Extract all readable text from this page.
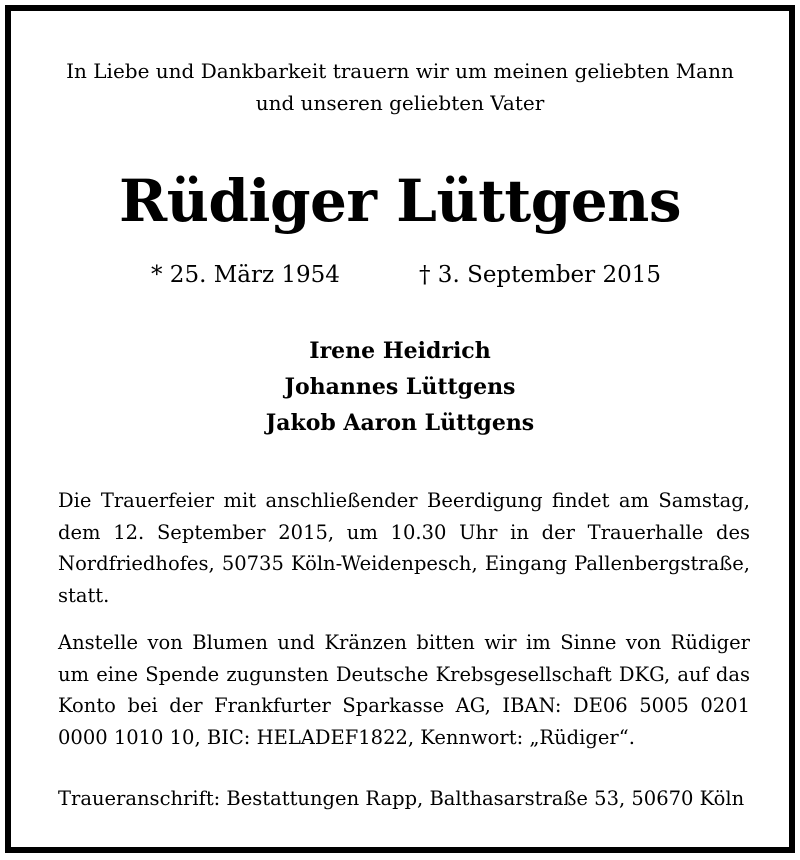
In Liebe und Dankbarkeit trauern wir um meinen geliebten Mann
und unseren geliebten Vater
Rüdiger Lüttgens
* 25. März 1954	† 3. September 2015
Irene Heidrich
Johannes Lüttgens
Jakob Aaron Lüttgens
Die Trauerfeier mit anschließender Beerdigung findet am Samstag, dem 12. September 2015, um 10.30 Uhr in der Trauerhalle des Nordfriedhofes, 50735 Köln-Weidenpesch, Eingang Pallenbergstraße, statt.
Anstelle von Blumen und Kränzen bitten wir im Sinne von Rüdiger um eine Spende zugunsten Deutsche Krebsgesellschaft DKG, auf das Konto bei der Frankfurter Sparkasse AG, IBAN: DE06 5005 0201 0000 1010 10, BIC: HELADEF1822, Kennwort: „Rüdiger“.
Traueranschrift: Bestattungen Rapp, Balthasarstraße 53, 50670 Köln
